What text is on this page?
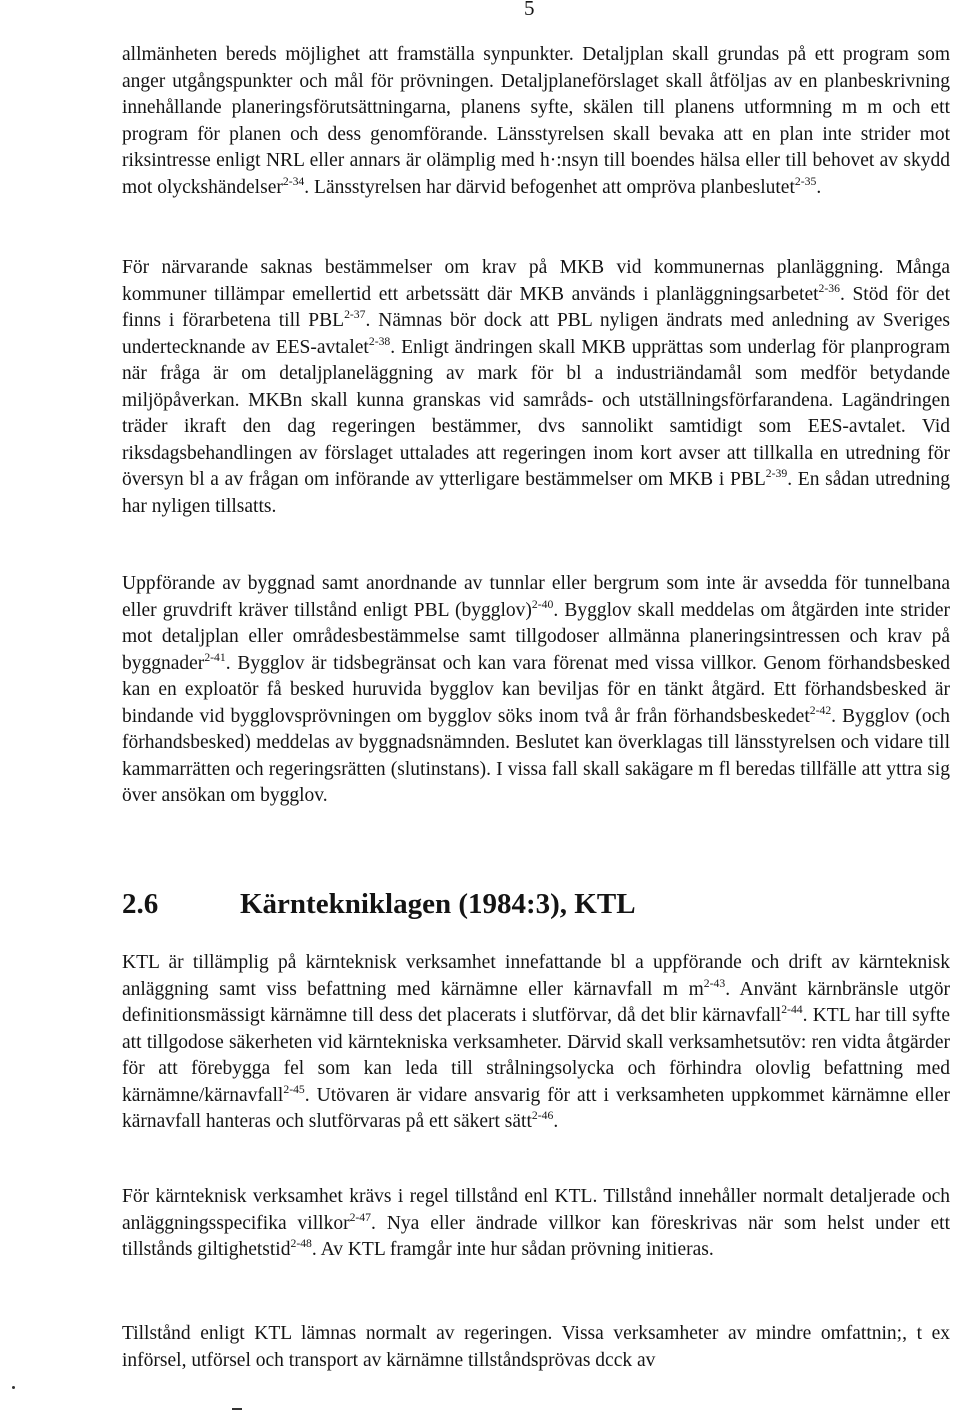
5

allmänheten bereds möjlighet att framställa synpunkter. Detaljplan skall grundas på ett program som anger utgångspunkter och mål för prövningen. Detaljplaneförslaget skall åtföljas av en planbeskrivning innehållande planeringsförutsättningarna, planens syfte, skälen till planens utformning m m och ett program för planen och dess genomförande. Länsstyrelsen skall bevaka att en plan inte strider mot riksintresse enligt NRL eller annars är olämplig med h·:nsyn till boendes hälsa eller till behovet av skydd mot olyckshändelser$^{2-34}$. Länsstyrelsen har därvid befogenhet att ompröva planbeslutet$^{2-35}$.

För närvarande saknas bestämmelser om krav på MKB vid kommunernas planläggning. Många kommuner tillämpar emellertid ett arbetssätt där MKB används i planläggningsarbetet$^{2-36}$. Stöd för det finns i förarbetena till PBL$^{2-37}$. Nämnas bör dock att PBL nyligen ändrats med anledning av Sveriges undertecknande av EES-avtalet$^{2-38}$. Enligt ändringen skall MKB upprättas som underlag för planprogram när fråga är om detaljplaneläggning av mark för bl a industriändamål som medför betydande miljöpåverkan. MKBn skall kunna granskas vid samråds- och utställningsförfarandena. Lagändringen träder ikraft den dag regeringen bestämmer, dvs sannolikt samtidigt som EES-avtalet. Vid riksdagsbehandlingen av förslaget uttalades att regeringen inom kort avser att tillkalla en utredning för översyn bl a av frågan om införande av ytterligare bestämmelser om MKB i PBL$^{2-39}$. En sådan utredning har nyligen tillsatts.

Uppförande av byggnad samt anordnande av tunnlar eller bergrum som inte är avsedda för tunnelbana eller gruvdrift kräver tillstånd enligt PBL (bygglov)$^{2-40}$. Bygglov skall meddelas om åtgärden inte strider mot detaljplan eller områdesbestämmelse samt tillgodoser allmänna planeringsintressen och krav på byggnader$^{2-41}$. Bygglov är tidsbegränsat och kan vara förenat med vissa villkor. Genom förhandsbesked kan en exploatör få besked huruvida bygglov kan beviljas för en tänkt åtgärd. Ett förhandsbesked är bindande vid bygglovsprövningen om bygglov söks inom två år från förhandsbeskedet$^{2-42}$. Bygglov (och förhandsbesked) meddelas av byggnadsnämnden. Beslutet kan överklagas till länsstyrelsen och vidare till kammarrätten och regeringsrätten (slutinstans). I vissa fall skall sakägare m fl beredas tillfälle att yttra sig över ansökan om bygglov.

2.6	Kärntekniklagen (1984:3), KTL

KTL är tillämplig på kärnteknisk verksamhet innefattande bl a uppförande och drift av kärnteknisk anläggning samt viss befattning med kärnämne eller kärnavfall m $m^{2-43}$. Använt kärnbränsle utgör definitionsmässigt kärnämne till dess det placerats i slutförvar, då det blir kärnavfall$^{2-44}$. KTL har till syfte att tillgodose säkerheten vid kärntekniska verksamheter. Därvid skall verksamhetsutöv: ren vidta åtgärder för att förebygga fel som kan leda till strålningsolycka och förhindra olovlig befattning med kärnämne/kärnavfall$^{2-45}$. Utövaren är vidare ansvarig för att i verksamheten uppkommet kärnämne eller kärnavfall hanteras och slutförvaras på ett säkert sätt$^{2-46}$.

För kärnteknisk verksamhet krävs i regel tillstånd enl KTL. Tillstånd innehåller normalt detaljerade och anläggningsspecifika villkor$^{2-47}$. Nya eller ändrade villkor kan föreskrivas när som helst under ett tillstånds giltighetstid$^{2-48}$. Av KTL framgår inte hur sådan prövning initieras.

Tillstånd enligt KTL lämnas normalt av regeringen. Vissa verksamheter av mindre omfattnin;, t ex införsel, utförsel och transport av kärnämne tillståndsprövas dcck av
